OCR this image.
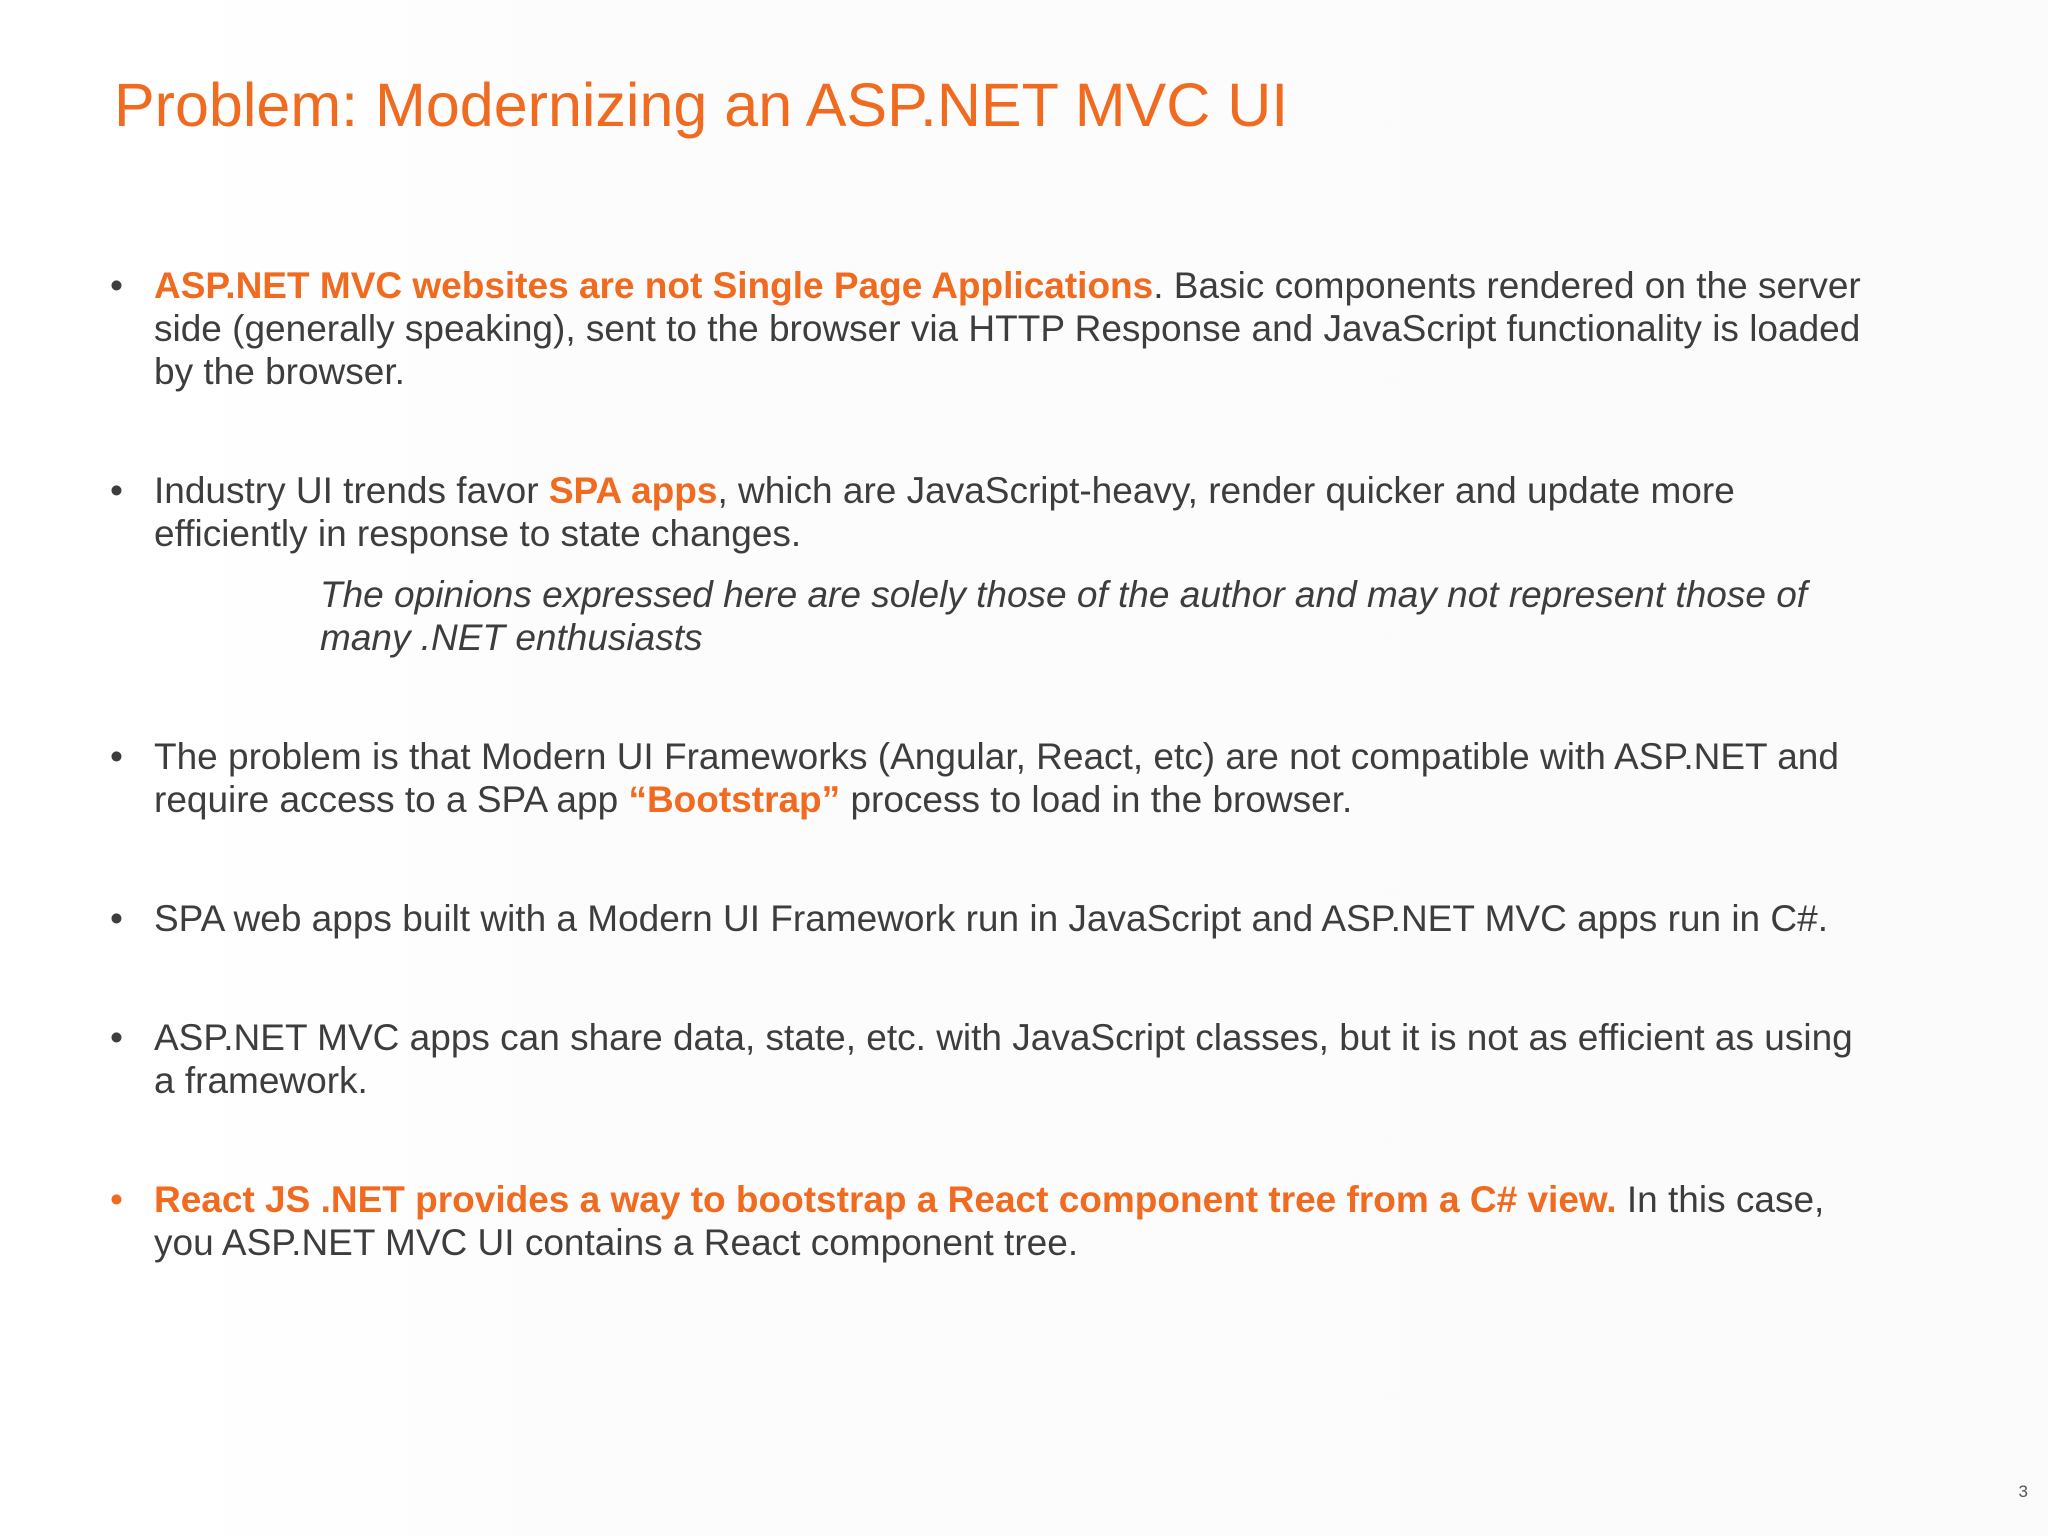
Problem: Modernizing an ASP.NET MVC UI
• ASP.NET MVC websites are not Single Page Applications. Basic components rendered on the server side (generally speaking), sent to the browser via HTTP Response and JavaScript functionality is loaded by the browser.
• Industry UI trends favor SPA apps, which are JavaScript-heavy, render quicker and update more efficiently in response to state changes.
The opinions expressed here are solely those of the author and may not represent those of many .NET enthusiasts
• The problem is that Modern UI Frameworks (Angular, React, etc) are not compatible with ASP.NET and require access to a SPA app “Bootstrap” process to load in the browser.
• SPA web apps built with a Modern UI Framework run in JavaScript and ASP.NET MVC apps run in C#.
• ASP.NET MVC apps can share data, state, etc. with JavaScript classes, but it is not as efficient as using a framework.
• React JS .NET provides a way to bootstrap a React component tree from a C# view. In this case, you ASP.NET MVC UI contains a React component tree.
3
